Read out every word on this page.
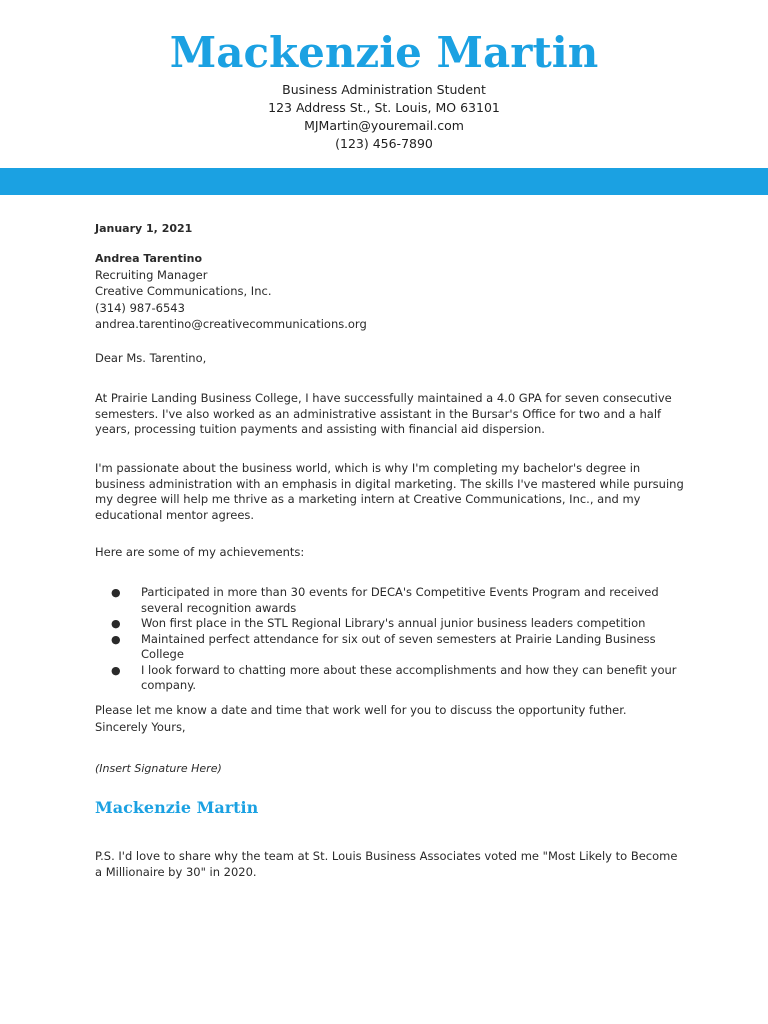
Mackenzie Martin
Business Administration Student
123 Address St., St. Louis, MO 63101
MJMartin@youremail.com
(123) 456-7890
January 1, 2021
Andrea Tarentino
Recruiting Manager
Creative Communications, Inc.
(314) 987-6543
andrea.tarentino@creativecommunications.org
Dear Ms. Tarentino,
At Prairie Landing Business College, I have successfully maintained a 4.0 GPA for seven consecutive semesters. I've also worked as an administrative assistant in the Bursar's Office for two and a half years, processing tuition payments and assisting with financial aid dispersion.
I'm passionate about the business world, which is why I'm completing my bachelor's degree in business administration with an emphasis in digital marketing. The skills I've mastered while pursuing my degree will help me thrive as a marketing intern at Creative Communications, Inc., and my educational mentor agrees.
Here are some of my achievements:
● Participated in more than 30 events for DECA's Competitive Events Program and received several recognition awards
● Won first place in the STL Regional Library's annual junior business leaders competition
● Maintained perfect attendance for six out of seven semesters at Prairie Landing Business College
● I look forward to chatting more about these accomplishments and how they can benefit your company.
Please let me know a date and time that work well for you to discuss the opportunity futher.
Sincerely Yours,
(Insert Signature Here)
Mackenzie Martin
P.S. I'd love to share why the team at St. Louis Business Associates voted me "Most Likely to Become a Millionaire by 30" in 2020.
